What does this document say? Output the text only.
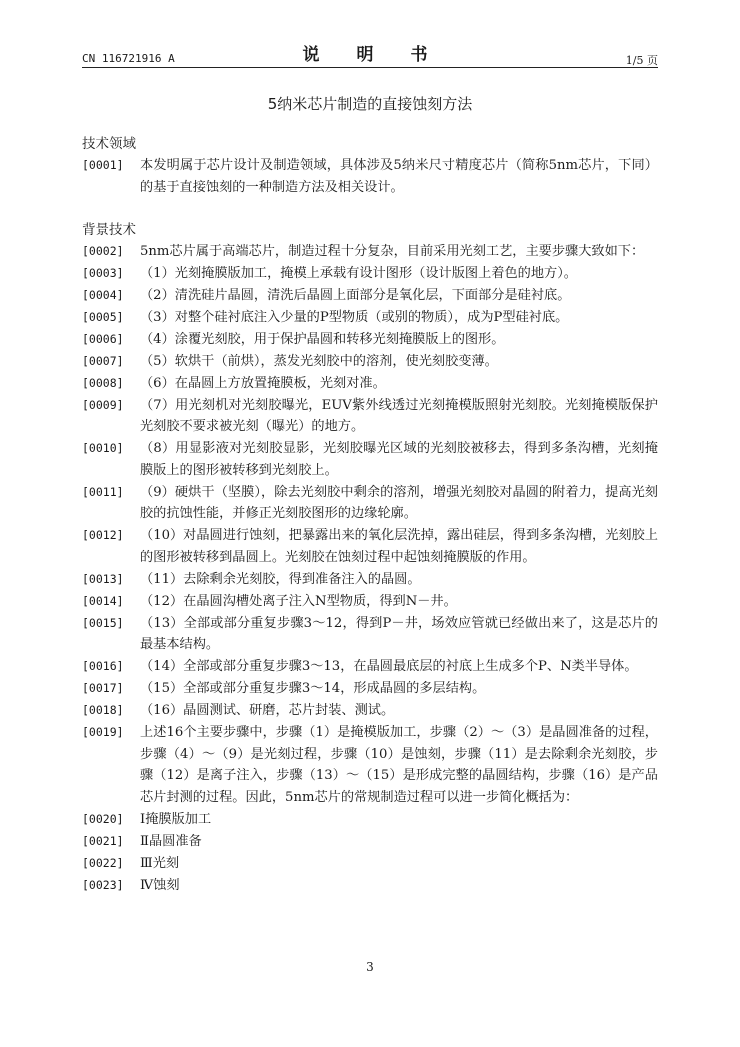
CN 116721916 A	说　明　书	1/5 页
5纳米芯片制造的直接蚀刻方法
技术领域
[0001] 本发明属于芯片设计及制造领域，具体涉及5纳米尺寸精度芯片（简称5nm芯片，下同）的基于直接蚀刻的一种制造方法及相关设计。
背景技术
[0002] 5nm芯片属于高端芯片，制造过程十分复杂，目前采用光刻工艺，主要步骤大致如下：
[0003] （1）光刻掩膜版加工，掩模上承载有设计图形（设计版图上着色的地方）。
[0004] （2）清洗硅片晶圆，清洗后晶圆上面部分是氧化层，下面部分是硅衬底。
[0005] （3）对整个硅衬底注入少量的P型物质（或别的物质），成为P型硅衬底。
[0006] （4）涂覆光刻胶，用于保护晶圆和转移光刻掩膜版上的图形。
[0007] （5）软烘干（前烘），蒸发光刻胶中的溶剂，使光刻胶变薄。
[0008] （6）在晶圆上方放置掩膜板，光刻对准。
[0009] （7）用光刻机对光刻胶曝光，EUV紫外线透过光刻掩模版照射光刻胶。光刻掩模版保护光刻胶不要求被光刻（曝光）的地方。
[0010] （8）用显影液对光刻胶显影，光刻胶曝光区域的光刻胶被移去，得到多条沟槽，光刻掩膜版上的图形被转移到光刻胶上。
[0011] （9）硬烘干（坚膜），除去光刻胶中剩余的溶剂，增强光刻胶对晶圆的附着力，提高光刻胶的抗蚀性能，并修正光刻胶图形的边缘轮廓。
[0012] （10）对晶圆进行蚀刻，把暴露出来的氧化层洗掉，露出硅层，得到多条沟槽，光刻胶上的图形被转移到晶圆上。光刻胶在蚀刻过程中起蚀刻掩膜版的作用。
[0013] （11）去除剩余光刻胶，得到准备注入的晶圆。
[0014] （12）在晶圆沟槽处离子注入N型物质，得到N－井。
[0015] （13）全部或部分重复步骤3～12，得到P－井，场效应管就已经做出来了，这是芯片的最基本结构。
[0016] （14）全部或部分重复步骤3～13，在晶圆最底层的衬底上生成多个P、N类半导体。
[0017] （15）全部或部分重复步骤3～14，形成晶圆的多层结构。
[0018] （16）晶圆测试、研磨，芯片封装、测试。
[0019] 上述16个主要步骤中，步骤（1）是掩模版加工，步骤（2）～（3）是晶圆准备的过程，步骤（4）～（9）是光刻过程，步骤（10）是蚀刻，步骤（11）是去除剩余光刻胶，步骤（12）是离子注入，步骤（13）～（15）是形成完整的晶圆结构，步骤（16）是产品芯片封测的过程。因此，5nm芯片的常规制造过程可以进一步简化概括为：
[0020] Ⅰ掩膜版加工
[0021] Ⅱ晶圆准备
[0022] Ⅲ光刻
[0023] Ⅳ蚀刻
3
